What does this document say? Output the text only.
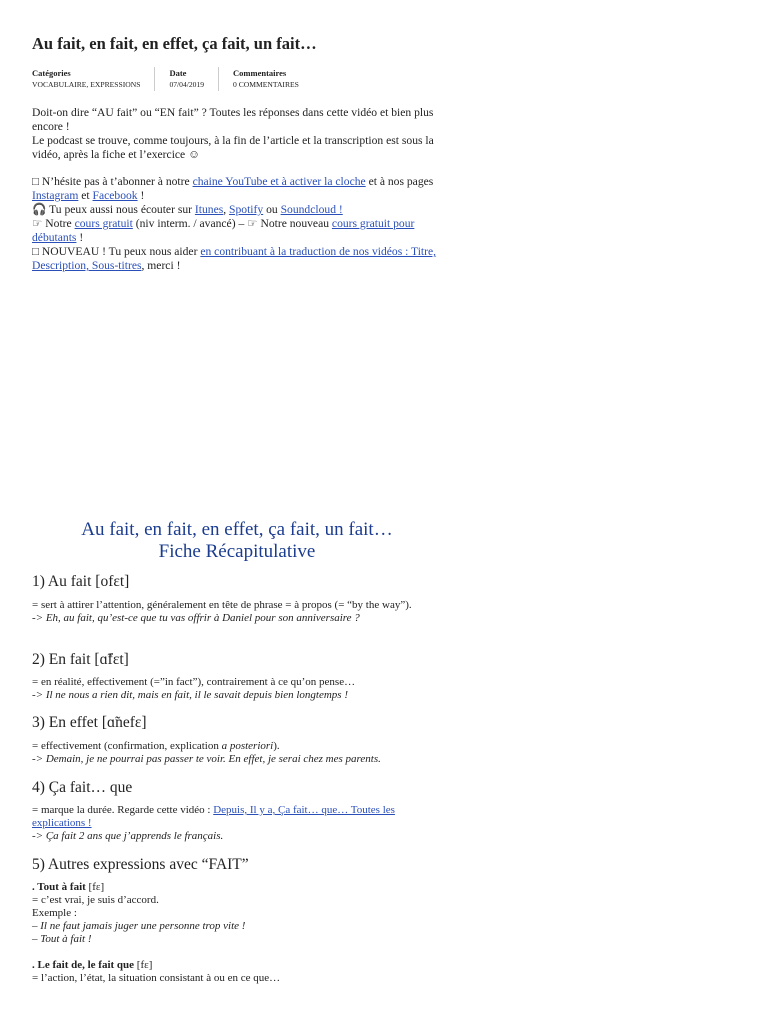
Au fait, en fait, en effet, ça fait, un fait…
Catégories
VOCABULAIRE, EXPRESSIONS
Date
07/04/2019
Commentaires
0 COMMENTAIRES
Doit-on dire “AU fait” ou “EN fait” ? Toutes les réponses dans cette vidéo et bien plus encore !
Le podcast se trouve, comme toujours, à la fin de l’article et la transcription est sous la vidéo, après la fiche et l’exercice ☺
□ N’hésite pas à t’abonner à notre chaine YouTube et à activer la cloche et à nos pages Instagram et Facebook !
🎧 Tu peux aussi nous écouter sur Itunes, Spotify ou Soundcloud !
☞ Notre cours gratuit (niv interm. / avancé) – ☞ Notre nouveau cours gratuit pour débutants !
□ NOUVEAU ! Tu peux nous aider en contribuant à la traduction de nos vidéos : Titre, Description, Sous-titres, merci !
Au fait, en fait, en effet, ça fait, un fait…
Fiche Récapitulative
1) Au fait [ofɛt]
= sert à attirer l’attention, généralement en tête de phrase = à propos (= “by the way”).
-> Eh, au fait, qu’est-ce que tu vas offrir à Daniel pour son anniversaire ?
2) En fait [ɑ̃fɛt]
= en réalité, effectivement (=”in fact”), contrairement à ce qu’on pense…
-> Il ne nous a rien dit, mais en fait, il le savait depuis bien longtemps !
3) En effet [ɑ̃nefɛ]
= effectivement (confirmation, explication a posteriori).
-> Demain, je ne pourrai pas passer te voir. En effet, je serai chez mes parents.
4) Ça fait… que
= marque la durée. Regarde cette vidéo : Depuis, Il y a, Ça fait… que… Toutes les explications !
-> Ça fait 2 ans que j’apprends le français.
5) Autres expressions avec “FAIT”
. Tout à fait [fɛ]
= c’est vrai, je suis d’accord.
Exemple :
– Il ne faut jamais juger une personne trop vite !
– Tout à fait !
. Le fait de, le fait que [fɛ]
= l’action, l’état, la situation consistant à ou en ce que…
